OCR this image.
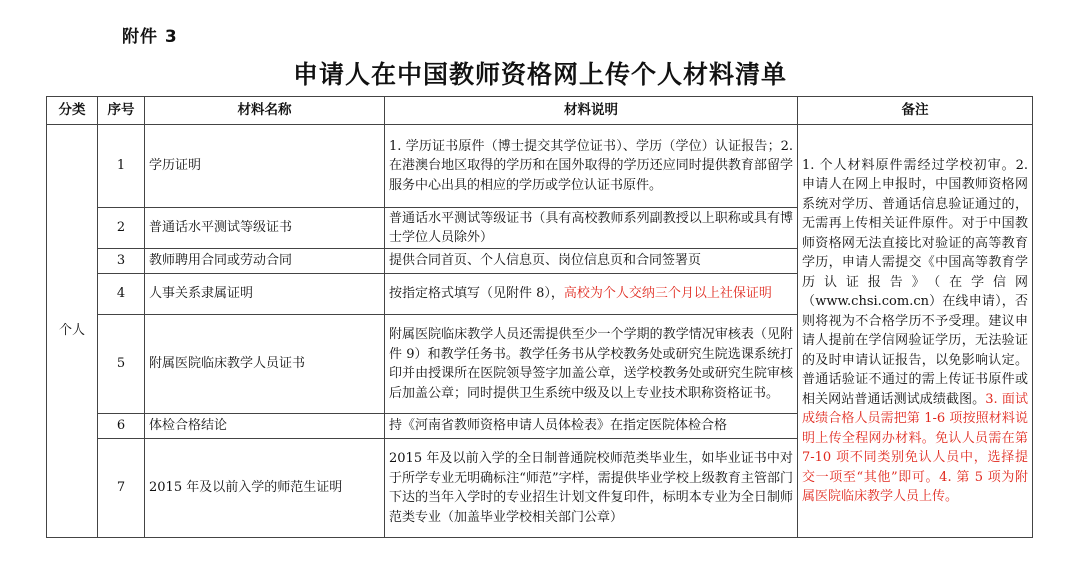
附件 3
申请人在中国教师资格网上传个人材料清单
分类	序号	材料名称	材料说明	备注
个人	1	学历证明	1. 学历证书原件（博士提交其学位证书）、学历（学位）认证报告；2. 在港澳台地区取得的学历和在国外取得的学历还应同时提供教育部留学服务中心出具的相应的学历或学位认证书原件。	1. 个人材料原件需经过学校初审。2. 申请人在网上申报时，中国教师资格网系统对学历、普通话信息验证通过的，无需再上传相关证件原件。对于中国教师资格网无法直接比对验证的高等教育学历，申请人需提交《中国高等教育学历认证报告》（在学信网（www.chsi.com.cn）在线申请），否则将视为不合格学历不予受理。建议申请人提前在学信网验证学历，无法验证的及时申请认证报告，以免影响认定。普通话验证不通过的需上传证书原件或相关网站普通话测试成绩截图。3. 面试成绩合格人员需把第 1-6 项按照材料说明上传全程网办材料。免认人员需在第 7-10 项不同类别免认人员中，选择提交一项至“其他”即可。4. 第 5 项为附属医院临床教学人员上传。
	2	普通话水平测试等级证书	普通话水平测试等级证书（具有高校教师系列副教授以上职称或具有博士学位人员除外）	
	3	教师聘用合同或劳动合同	提供合同首页、个人信息页、岗位信息页和合同签署页	
	4	人事关系隶属证明	按指定格式填写（见附件 8），高校为个人交纳三个月以上社保证明	
	5	附属医院临床教学人员证书	附属医院临床教学人员还需提供至少一个学期的教学情况审核表（见附件 9）和教学任务书。教学任务书从学校教务处或研究生院选课系统打印并由授课所在医院领导签字加盖公章，送学校教务处或研究生院审核后加盖公章；同时提供卫生系统中级及以上专业技术职称资格证书。	
	6	体检合格结论	持《河南省教师资格申请人员体检表》在指定医院体检合格	
	7	2015 年及以前入学的师范生证明	2015 年及以前入学的全日制普通院校师范类毕业生，如毕业证书中对于所学专业无明确标注“师范”字样，需提供毕业学校上级教育主管部门下达的当年入学时的专业招生计划文件复印件，标明本专业为全日制师范类专业（加盖毕业学校相关部门公章）	
